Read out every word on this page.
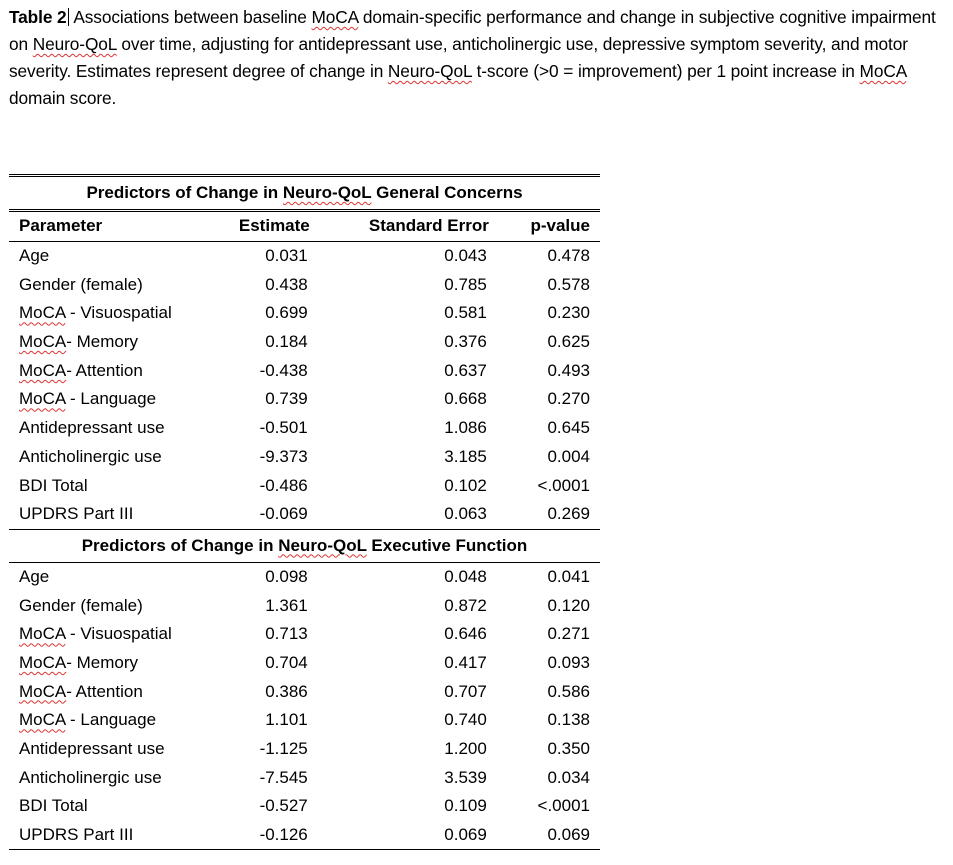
Table 2 Associations between baseline MoCA domain-specific performance and change in subjective cognitive impairment on Neuro-QoL over time, adjusting for antidepressant use, anticholinergic use, depressive symptom severity, and motor severity. Estimates represent degree of change in Neuro-QoL t-score (>0 = improvement) per 1 point increase in MoCA domain score.
Predictors of Change in Neuro-QoL General Concerns			
Parameter	Estimate	Standard Error	p-value
Age	0.031	0.043	0.478
Gender (female)	0.438	0.785	0.578
MoCA - Visuospatial	0.699	0.581	0.230
MoCA- Memory	0.184	0.376	0.625
MoCA- Attention	-0.438	0.637	0.493
MoCA - Language	0.739	0.668	0.270
Antidepressant use	-0.501	1.086	0.645
Anticholinergic use	-9.373	3.185	0.004
BDI Total	-0.486	0.102	<.0001
UPDRS Part III	-0.069	0.063	0.269
Predictors of Change in Neuro-QoL Executive Function			
Age	0.098	0.048	0.041
Gender (female)	1.361	0.872	0.120
MoCA - Visuospatial	0.713	0.646	0.271
MoCA- Memory	0.704	0.417	0.093
MoCA- Attention	0.386	0.707	0.586
MoCA - Language	1.101	0.740	0.138
Antidepressant use	-1.125	1.200	0.350
Anticholinergic use	-7.545	3.539	0.034
BDI Total	-0.527	0.109	<.0001
UPDRS Part III	-0.126	0.069	0.069
